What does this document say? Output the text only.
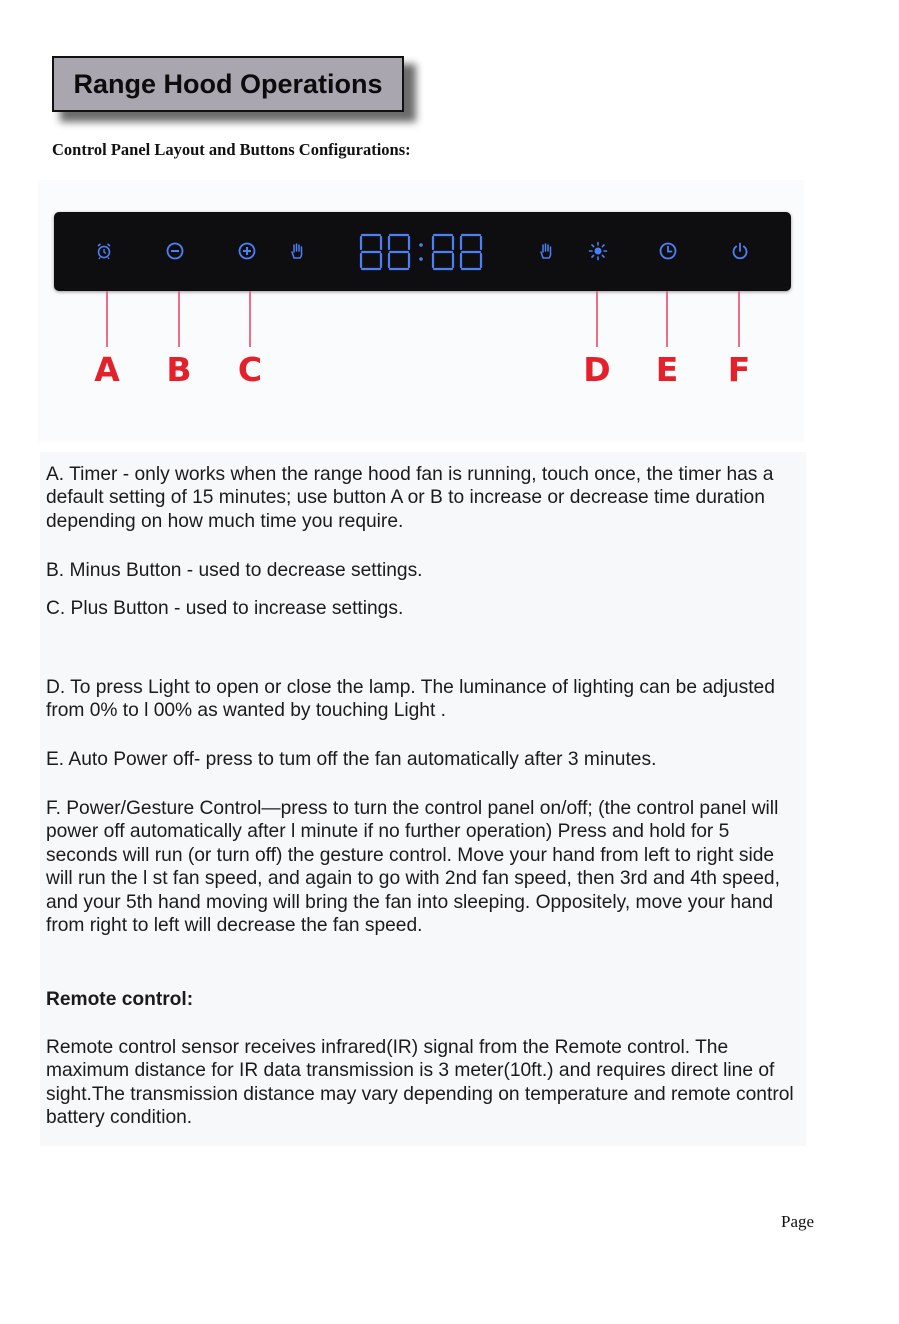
Range Hood Operations
Control Panel Layout and Buttons Configurations:
A B C	D E F
A. Timer - only works when the range hood fan is running, touch once, the timer has a default setting of 15 minutes; use button A or B to increase or decrease time duration depending on how much time you require.
B. Minus Button - used to decrease settings.
C. Plus Button - used to increase settings.
D. To press Light to open or close the lamp. The luminance of lighting can be adjusted from 0% to l 00% as wanted by touching Light .
E. Auto Power off- press to tum off the fan automatically after 3 minutes.
F. Power/Gesture Control—press to turn the control panel on/off; (the control panel will power off automatically after l minute if no further operation) Press and hold for 5 seconds will run (or turn off) the gesture control. Move your hand from left to right side will run the l st fan speed, and again to go with 2nd fan speed, then 3rd and 4th speed, and your 5th hand moving will bring the fan into sleeping. Oppositely, move your hand from right to left will decrease the fan speed.
Remote control:
Remote control sensor receives infrared(IR) signal from the Remote control. The maximum distance for IR data transmission is 3 meter(10ft.) and requires direct line of sight.The transmission distance may vary depending on temperature and remote control battery condition.
Page
